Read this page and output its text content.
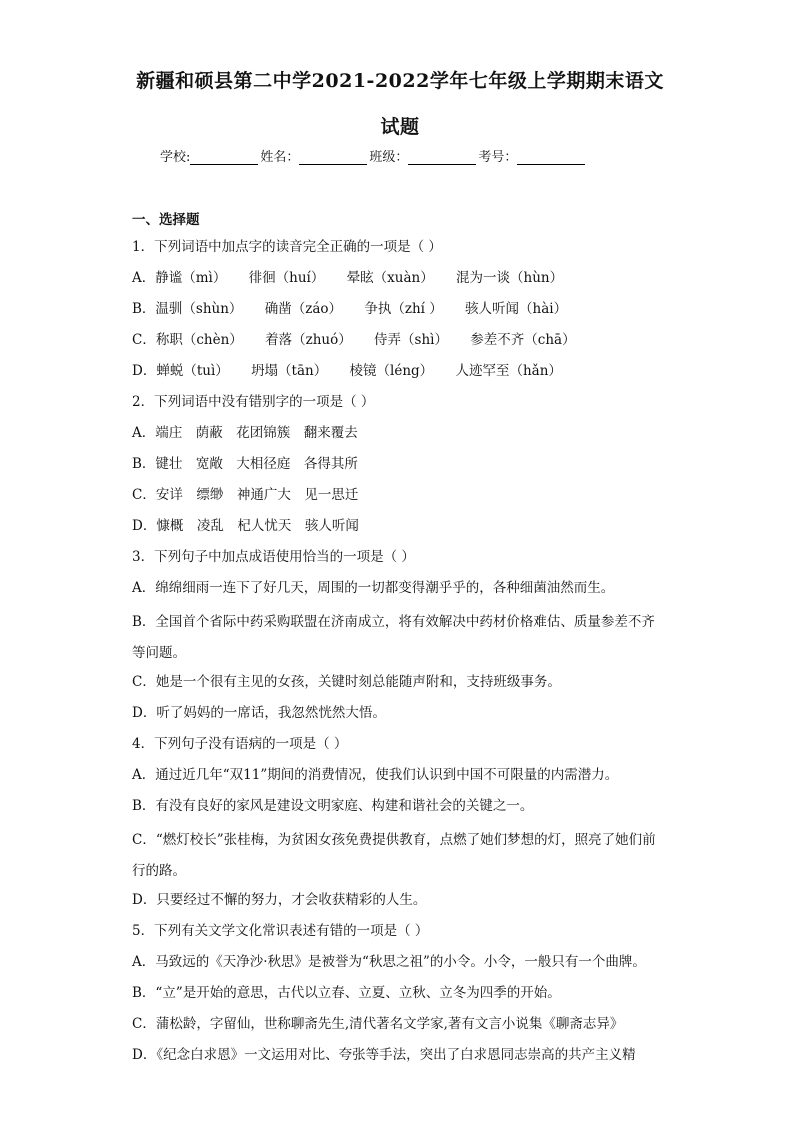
新疆和硕县第二中学2021-2022学年七年级上学期期末语文
试题
学校:	姓名：	班级：	考号：
一、选择题
1．下列词语中加点字的读音完全正确的一项是（ ）
A．静谧（mì） 徘徊（huí） 晕眩（xuàn） 混为一谈（hùn）
B．温驯（shùn） 确凿（záo） 争执（zhí ） 骇人听闻（hài）
C．称职（chèn） 着落（zhuó） 侍弄（shì） 参差不齐（chā）
D．蝉蜕（tuì） 坍塌（tān） 棱镜（léng） 人迹罕至（hǎn）
2．下列词语中没有错别字的一项是（ ）
A．端庄　荫蔽　花团锦簇　翻来覆去
B．键壮　宽敞　大相径庭　各得其所
C．安详　缥缈　神通广大　见一思迁
D．慷概　凌乱　杞人忧天　骇人听闻
3．下列句子中加点成语使用恰当的一项是（ ）
A．绵绵细雨一连下了好几天，周围的一切都变得潮乎乎的，各种细菌油然而生。
B．全国首个省际中药采购联盟在济南成立，将有效解决中药材价格难估、质量参差不齐等问题。
C．她是一个很有主见的女孩，关键时刻总能随声附和，支持班级事务。
D．听了妈妈的一席话，我忽然恍然大悟。
4．下列句子没有语病的一项是（ ）
A．通过近几年“双11”期间的消费情况，使我们认识到中国不可限量的内需潜力。
B．有没有良好的家风是建设文明家庭、构建和谐社会的关键之一。
C．“燃灯校长”张桂梅，为贫困女孩免费提供教育，点燃了她们梦想的灯，照亮了她们前行的路。
D．只要经过不懈的努力，才会收获精彩的人生。
5．下列有关文学文化常识表述有错的一项是（ ）
A．马致远的《天净沙·秋思》是被誉为“秋思之祖”的小令。小令，一般只有一个曲牌。
B．“立”是开始的意思，古代以立春、立夏、立秋、立冬为四季的开始。
C．蒲松龄，字留仙，世称聊斋先生,清代著名文学家,著有文言小说集《聊斋志异》
D．《纪念白求恩》一文运用对比、夸张等手法，突出了白求恩同志崇高的共产主义精
